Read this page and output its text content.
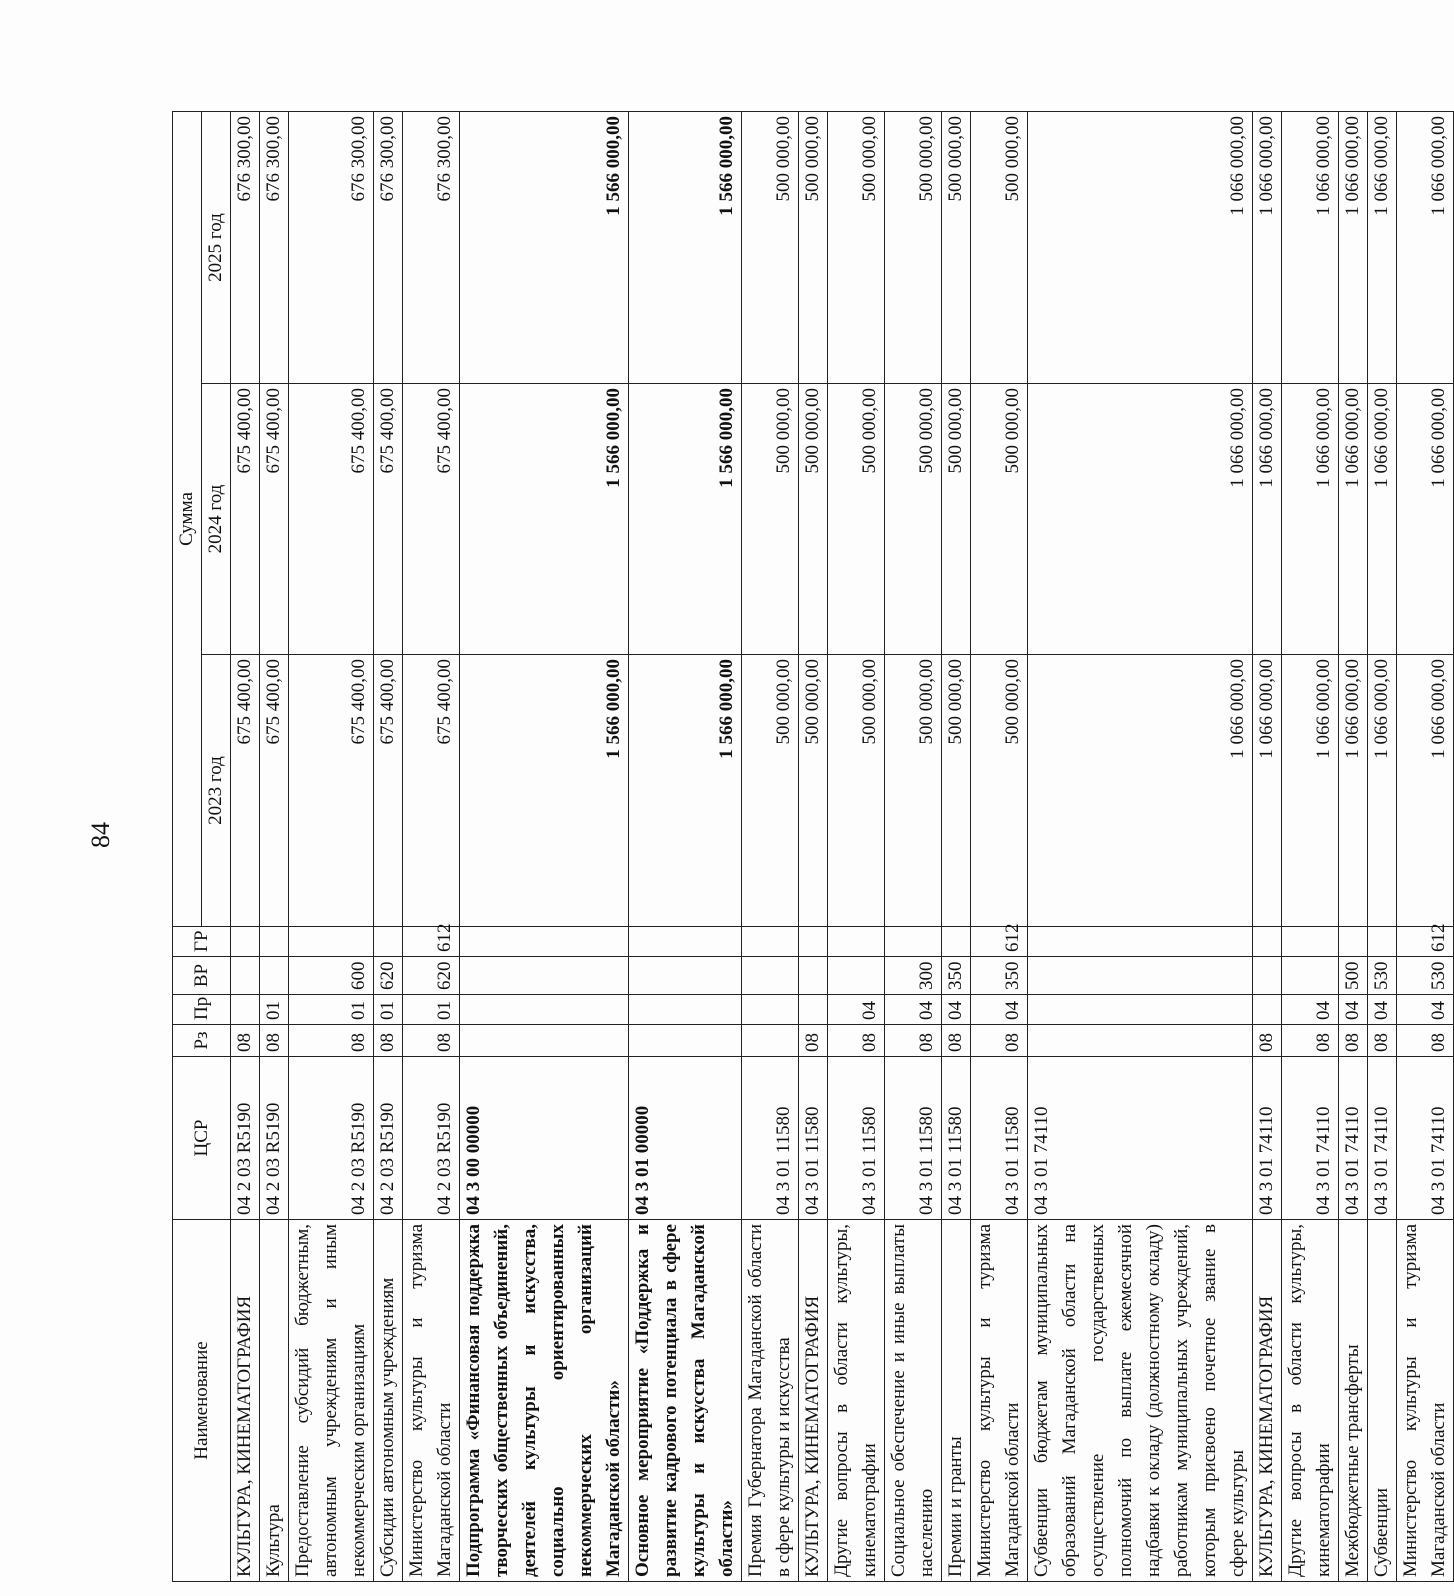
84
Наименование	ЦСР	Рз	Пр	ВР	ГР	Сумма		
						2023 год	2024 год	2025 год
КУЛЬТУРА, КИНЕМАТОГРАФИЯ	04 2 03 R5190	08				675 400,00	675 400,00	676 300,00
Культура	04 2 03 R5190	08	01			675 400,00	675 400,00	676 300,00
Предоставление субсидий бюджетным, автономным учреждениям и иным некоммерческим организациям	04 2 03 R5190	08	01	600		675 400,00	675 400,00	676 300,00
Субсидии автономным учреждениям	04 2 03 R5190	08	01	620		675 400,00	675 400,00	676 300,00
Министерство культуры и туризма Магаданской области	04 2 03 R5190	08	01	620	612	675 400,00	675 400,00	676 300,00
Подпрограмма «Финансовая поддержка творческих общественных объединений, деятелей культуры и искусства, социально ориентированных некоммерческих организаций Магаданской области»	04 3 00 00000					1 566 000,00	1 566 000,00	1 566 000,00
Основное мероприятие «Поддержка и развитие кадрового потенциала в сфере культуры и искусства Магаданской области»	04 3 01 00000					1 566 000,00	1 566 000,00	1 566 000,00
Премия Губернатора Магаданской области в сфере культуры и искусства	04 3 01 11580					500 000,00	500 000,00	500 000,00
КУЛЬТУРА, КИНЕМАТОГРАФИЯ	04 3 01 11580	08				500 000,00	500 000,00	500 000,00
Другие вопросы в области культуры, кинематографии	04 3 01 11580	08	04			500 000,00	500 000,00	500 000,00
Социальное обеспечение и иные выплаты населению	04 3 01 11580	08	04	300		500 000,00	500 000,00	500 000,00
Премии и гранты	04 3 01 11580	08	04	350		500 000,00	500 000,00	500 000,00
Министерство культуры и туризма Магаданской области	04 3 01 11580	08	04	350	612	500 000,00	500 000,00	500 000,00
Субвенции бюджетам муниципальных образований Магаданской области на осуществление государственных полномочий по выплате ежемесячной надбавки к окладу (должностному окладу) работникам муниципальных учреждений, которым присвоено почетное звание в сфере культуры	04 3 01 74110					1 066 000,00	1 066 000,00	1 066 000,00
КУЛЬТУРА, КИНЕМАТОГРАФИЯ	04 3 01 74110	08				1 066 000,00	1 066 000,00	1 066 000,00
Другие вопросы в области культуры, кинематографии	04 3 01 74110	08	04			1 066 000,00	1 066 000,00	1 066 000,00
Межбюджетные трансферты	04 3 01 74110	08	04	500		1 066 000,00	1 066 000,00	1 066 000,00
Субвенции	04 3 01 74110	08	04	530		1 066 000,00	1 066 000,00	1 066 000,00
Министерство культуры и туризма Магаданской области	04 3 01 74110	08	04	530	612	1 066 000,00	1 066 000,00	1 066 000,00
